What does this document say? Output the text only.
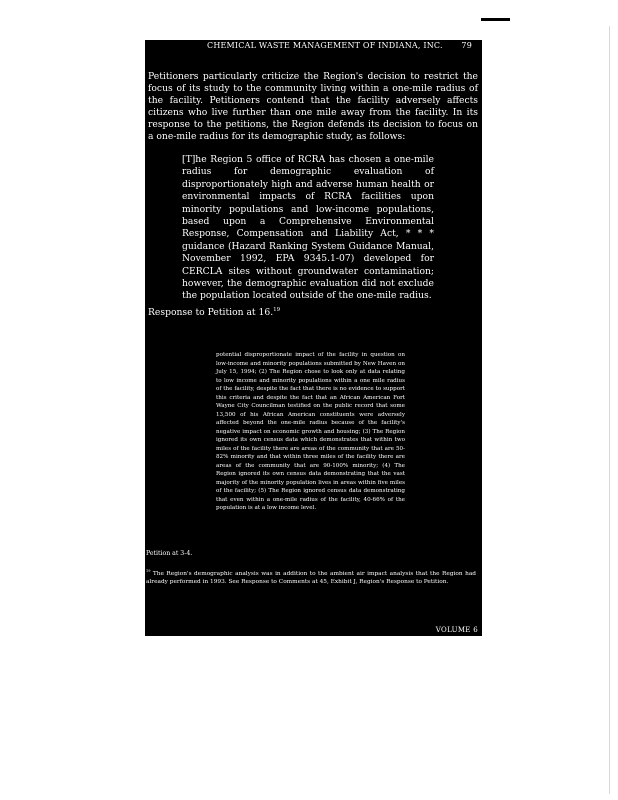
CHEMICAL WASTE MANAGEMENT OF INDIANA, INC. 79

Petitioners particularly criticize the Region's decision to restrict the focus of its study to the community living within a one-mile radius of the facility. Petitioners contend that the facility adversely affects citizens who live further than one mile away from the facility. In its response to the petitions, the Region defends its decision to focus on a one-mile radius for its demographic study, as follows:

[T]he Region 5 office of RCRA has chosen a one-mile radius for demographic evaluation of disproportionately high and adverse human health or environmental impacts of RCRA facilities upon minority populations and low-income populations, based upon a Comprehensive Environmental Response, Compensation and Liability Act, * * * guidance (Hazard Ranking System Guidance Manual, November 1992, EPA 9345.1-07) developed for CERCLA sites without groundwater contamination; however, the demographic evaluation did not exclude the population located outside of the one-mile radius.

Response to Petition at 16.19

potential disproportionate impact of the facility in question on low-income and minority populations submitted by New Haven on July 15, 1994; (2) The Region chose to look only at data relating to low income and minority populations within a one mile radius of the facility, despite the fact that there is no evidence to support this criteria and despite the fact that an African American Fort Wayne City Councilman testified on the public record that some 13,500 of his African American constituents were adversely affected beyond the one-mile radius because of the facility's negative impact on economic growth and housing; (3) The Region ignored its own census data which demonstrates that within two miles of the facility there are areas of the community that are 50-82% minority and that within three miles of the facility there are areas of the community that are 90-100% minority; (4) The Region ignored its own census data demonstrating that the vast majority of the minority population lives in areas within five miles of the facility; (5) The Region ignored census data demonstrating that even within a one-mile radius of the facility, 40-66% of the population is at a low income level.

Petition at 3-4.

$^{19}$ The Region's demographic analysis was in addition to the ambient air impact analysis that the Region had already performed in 1993. See Response to Comments at 45, Exhibit J, Region's Response to Petition.

VOLUME 6
